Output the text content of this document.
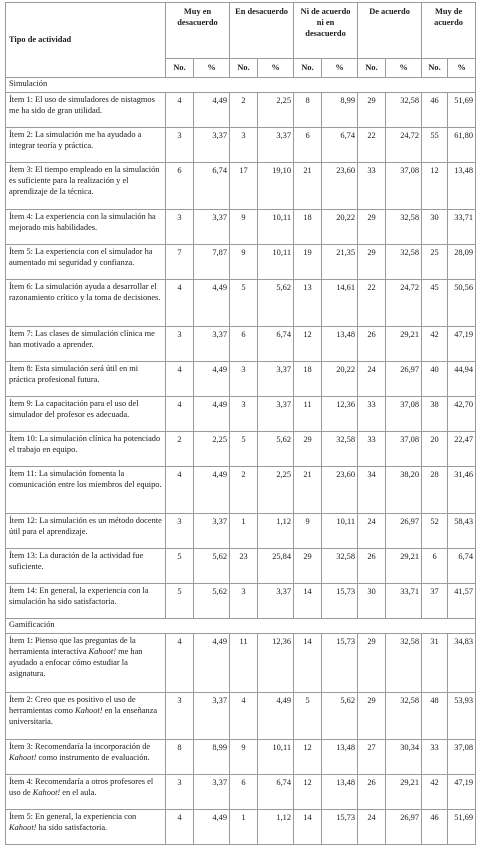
Tipo de actividad	Muy en desacuerdo		En desacuerdo		Ni de acuerdo ni en desacuerdo		De acuerdo		Muy de acuerdo	
	No.	%	No.	%	No.	%	No.	%	No.	%
Simulación										
Ítem 1: El uso de simuladores de nistagmos me ha sido de gran utilidad.	4	4,49	2	2,25	8	8,99	29	32,58	46	51,69
Ítem 2: La simulación me ha ayudado a integrar teoría y práctica.	3	3,37	3	3,37	6	6,74	22	24,72	55	61,80
Ítem 3: El tiempo empleado en la simulación es suficiente para la realización y el aprendizaje de la técnica.	6	6,74	17	19,10	21	23,60	33	37,08	12	13,48
Ítem 4: La experiencia con la simulación ha mejorado mis habilidades.	3	3,37	9	10,11	18	20,22	29	32,58	30	33,71
Ítem 5: La experiencia con el simulador ha aumentado mi seguridad y confianza.	7	7,87	9	10,11	19	21,35	29	32,58	25	28,09
Ítem 6: La simulación ayuda a desarrollar el razonamiento crítico y la toma de decisiones.	4	4,49	5	5,62	13	14,61	22	24,72	45	50,56
Ítem 7: Las clases de simulación clínica me han motivado a aprender.	3	3,37	6	6,74	12	13,48	26	29,21	42	47,19
Ítem 8: Esta simulación será útil en mi práctica profesional futura.	4	4,49	3	3,37	18	20,22	24	26,97	40	44,94
Ítem 9: La capacitación para el uso del simulador del profesor es adecuada.	4	4,49	3	3,37	11	12,36	33	37,08	38	42,70
Ítem 10: La simulación clínica ha potenciado el trabajo en equipo.	2	2,25	5	5,62	29	32,58	33	37,08	20	22,47
Ítem 11: La simulación fomenta la comunicación entre los miembros del equipo.	4	4,49	2	2,25	21	23,60	34	38,20	28	31,46
Ítem 12: La simulación es un método docente útil para el aprendizaje.	3	3,37	1	1,12	9	10,11	24	26,97	52	58,43
Ítem 13: La duración de la actividad fue suficiente.	5	5,62	23	25,84	29	32,58	26	29,21	6	6,74
Ítem 14: En general, la experiencia con la simulación ha sido satisfactoria.	5	5,62	3	3,37	14	15,73	30	33,71	37	41,57
Gamificación										
Ítem 1: Pienso que las preguntas de la herramienta interactiva Kahoot! me han ayudado a enfocar cómo estudiar la asignatura.	4	4,49	11	12,36	14	15,73	29	32,58	31	34,83
Ítem 2: Creo que es positivo el uso de herramientas como Kahoot! en la enseñanza universitaria.	3	3,37	4	4,49	5	5,62	29	32,58	48	53,93
Ítem 3: Recomendaría la incorporación de Kahoot! como instrumento de evaluación.	8	8,99	9	10,11	12	13,48	27	30,34	33	37,08
Ítem 4: Recomendaría a otros profesores el uso de Kahoot! en el aula.	3	3,37	6	6,74	12	13,48	26	29,21	42	47,19
Ítem 5: En general, la experiencia con Kahoot! ha sido satisfactoria.	4	4,49	1	1,12	14	15,73	24	26,97	46	51,69
